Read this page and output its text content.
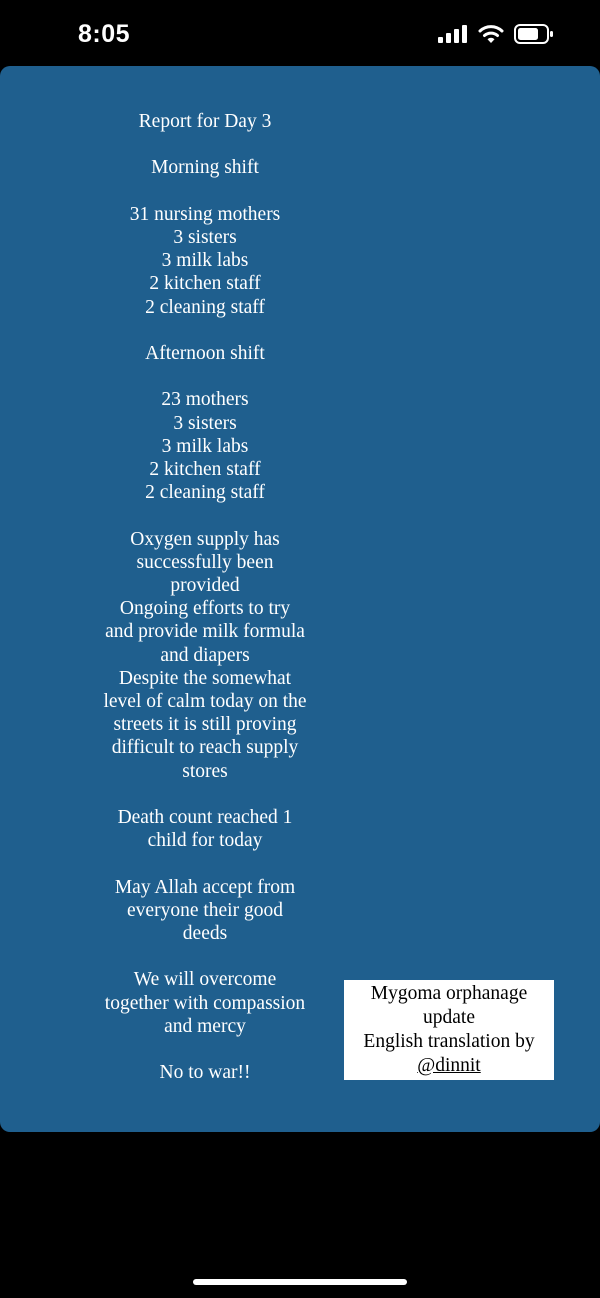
8:05
Report for Day 3
Morning shift
31 nursing mothers
3 sisters
3 milk labs
2 kitchen staff
2 cleaning staff
Afternoon shift
23 mothers
3 sisters
3 milk labs
2 kitchen staff
2 cleaning staff
Oxygen supply has
successfully been
provided
Ongoing efforts to try
and provide milk formula
and diapers
Despite the somewhat
level of calm today on the
streets it is still proving
difficult to reach supply
stores
Death count reached 1
child for today
May Allah accept from
everyone their good
deeds
We will overcome
together with compassion
and mercy
No to war!!
Mygoma orphanage
update
English translation by
@dinnit
